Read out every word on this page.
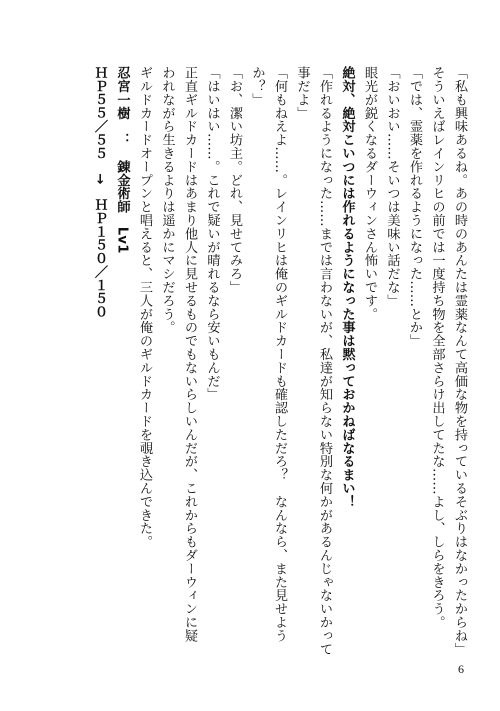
「私も興味あるね。あの時のあんたは霊薬なんて高価な物を持っているそぶりはなかったからね」
そういえばレインリヒの前では一度持ち物を全部さらけ出してたな……よし、しらをきろう。
「では、霊薬を作れるようになった……とか」
「おいおい……そいつは美味い話だな」
眼光が鋭くなるダーウィンさん怖いです。
絶対、絶対こいつには作れるようになった事は黙っておかねばなるまい！
「作れるようになった……までは言わないが、私達が知らない特別な何かがあるんじゃないかって
事だよ」
「何もねえよ……。レインリヒは俺のギルドカードも確認しただろ？　なんなら、また見せよう
か？」
「お、潔い坊主。どれ、見せてみろ」
「はいはい……。これで疑いが晴れるなら安いもんだ」
正直ギルドカードはあまり他人に見せるものでもないらしいんだが、これからもダーウィンに疑
われながら生きるよりは遥かにマシだろう。
ギルドカードオープンと唱えると、三人が俺のギルドカードを覗き込んできた。
忍宮一樹　：　錬金術師　Lv1
ＨＰ５５／５５　→　ＨＰ１５０／１５０
6
